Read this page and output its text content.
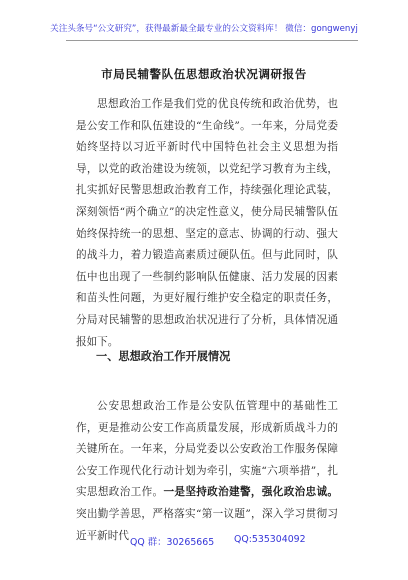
关注头条号“公文研究”，获得最新最全最专业的公文资料库！ 微信：gongwenyj
市局民辅警队伍思想政治状况调研报告

思想政治工作是我们党的优良传统和政治优势，也是公安工作和队伍建设的“生命线”。一年来，分局党委始终坚持以习近平新时代中国特色社会主义思想为指导，以党的政治建设为统领，以党纪学习教育为主线，扎实抓好民警思想政治教育工作，持续强化理论武装，深刻领悟“两个确立”的决定性意义，使分局民辅警队伍始终保持统一的思想、坚定的意志、协调的行动、强大的战斗力，着力锻造高素质过硬队伍。但与此同时，队伍中也出现了一些制约影响队伍健康、活力发展的因素和苗头性问题，为更好履行维护安全稳定的职责任务，分局对民辅警的思想政治状况进行了分析，具体情况通报如下。

一、思想政治工作开展情况

公安思想政治工作是公安队伍管理中的基础性工作，更是推动公安工作高质量发展，形成新质战斗力的关键所在。一年来，分局党委以公安政治工作服务保障公安工作现代化行动计划为牵引，实施“六项举措”，扎实思想政治工作。一是坚持政治建警，强化政治忠诚。突出勤学善思，严格落实“第一议题”，深入学习贯彻习近平新时代

QQ 群：30265665 QQ:535304092
